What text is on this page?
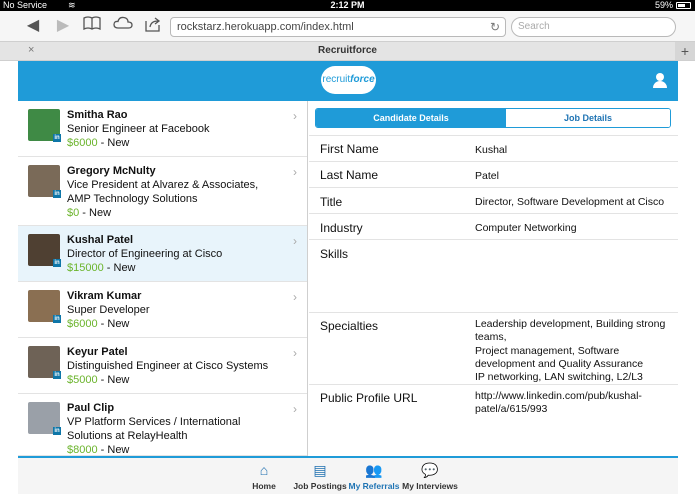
No Service ≋	2:12 PM	59%
◀ ▶	rockstarz.herokuapp.com/index.html	↻	Search
×	Recruitforce	+
recruitforce
in
Smitha Rao
Senior Engineer at Facebook
$6000 - New
›
in
Gregory McNulty
Vice President at Alvarez & Associates, AMP Technology Solutions
$0 - New
›
in
Kushal Patel
Director of Engineering at Cisco
$15000 - New
›
in
Vikram Kumar
Super Developer
$6000 - New
›
in
Keyur Patel
Distinguished Engineer at Cisco Systems
$5000 - New
›
in
Paul Clip
VP Platform Services / International Solutions at RelayHealth
$8000 - New
›
Candidate Details	Job Details
First Name	Kushal
Last Name	Patel
Title	Director, Software Development at Cisco
Industry	Computer Networking
Skills
Specialties	Leadership development, Building strong teams,
Project management, Software development and Quality Assurance
IP networking, LAN switching, L2/L3
Public Profile URL	http://www.linkedin.com/pub/kushal-patel/a/615/993
⌂
Home
▤
Job Postings
👥
My Referrals
💬
My Interviews
